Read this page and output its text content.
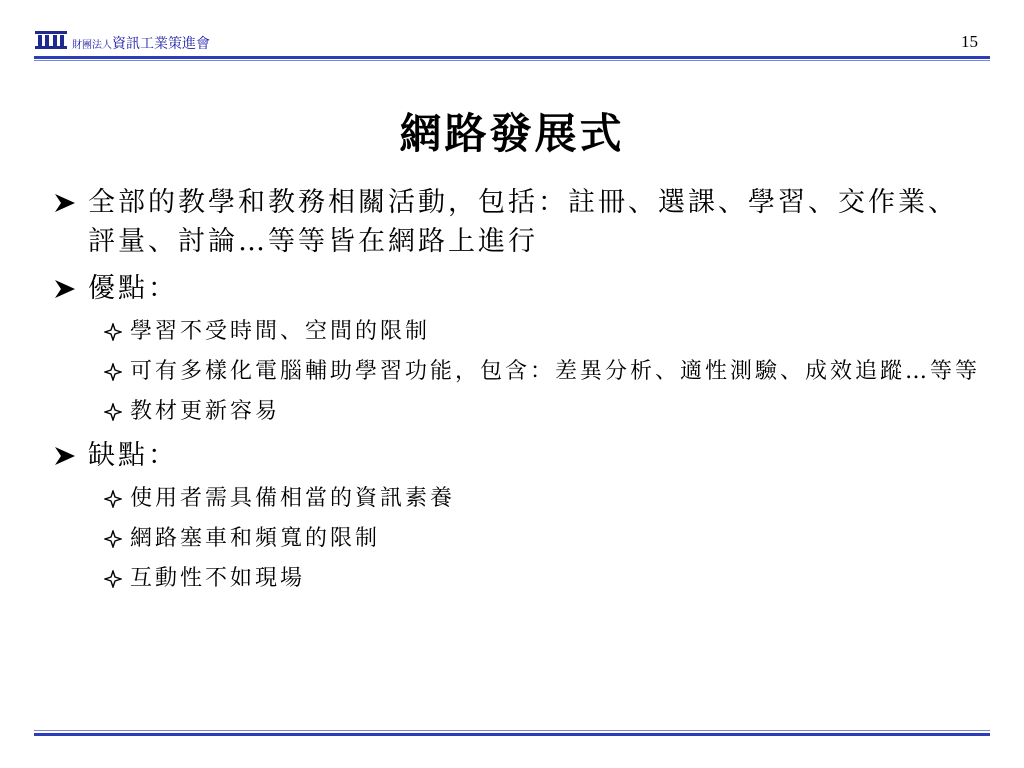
財團法人資訊工業策進會	15
網路發展式
全部的教學和教務相關活動，包括：註冊、選課、學習、交作業、評量、討論…等等皆在網路上進行
優點：
學習不受時間、空間的限制
可有多樣化電腦輔助學習功能，包含：差異分析、適性測驗、成效追蹤…等等
教材更新容易
缺點：
使用者需具備相當的資訊素養
網路塞車和頻寬的限制
互動性不如現場
